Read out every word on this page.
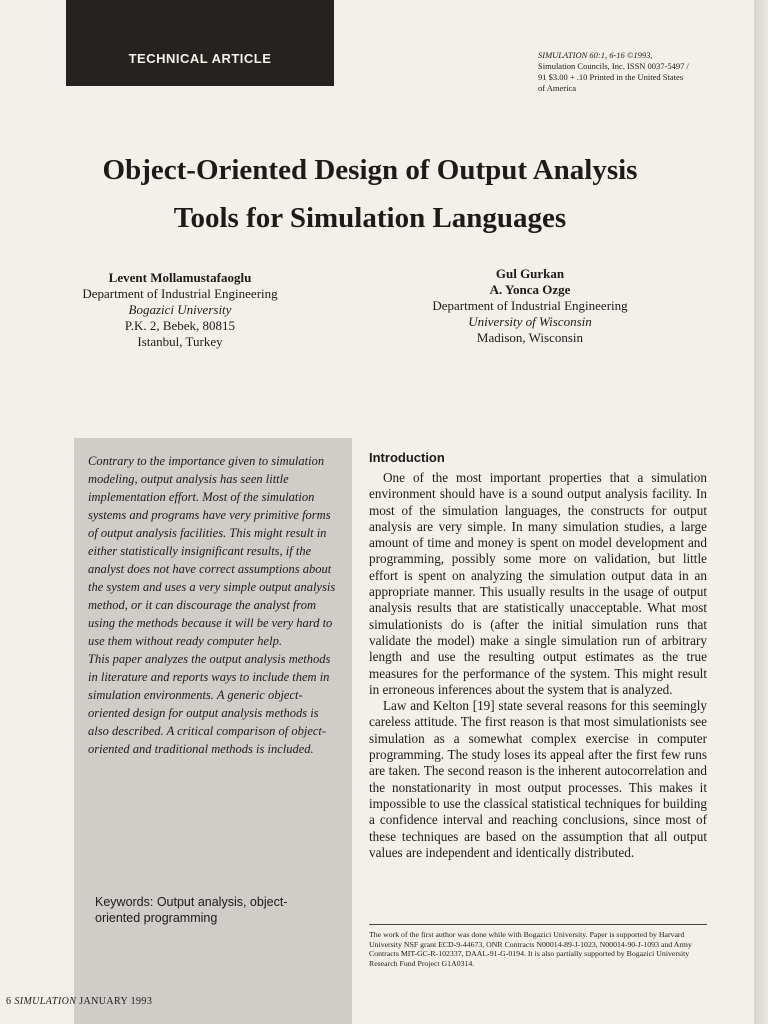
TECHNICAL ARTICLE	SIMULATION 60:1, 6-16 ©1993,
Simulation Councils, Inc. ISSN 0037-5497 /
91 $3.00 + .10 Printed in the United States
of America
Object-Oriented Design of Output Analysis
Tools for Simulation Languages
Levent Mollamustafaoglu
Department of Industrial Engineering
Bogazici University
P.K. 2, Bebek, 80815
Istanbul, Turkey
Gul Gurkan
A. Yonca Ozge
Department of Industrial Engineering
University of Wisconsin
Madison, Wisconsin

Contrary to the importance given to simulation modeling, output analysis has seen little implementation effort. Most of the simulation systems and programs have very primitive forms of output analysis facilities. This might result in either statistically insignificant results, if the analyst does not have correct assumptions about the system and uses a very simple output analysis method, or it can discourage the analyst from using the methods because it will be very hard to use them without ready computer help.

This paper analyzes the output analysis methods in literature and reports ways to include them in simulation environments. A generic object-oriented design for output analysis methods is also described. A critical comparison of object-oriented and traditional methods is included.

Keywords: Output analysis, object-oriented programming
Introduction

One of the most important properties that a simulation environment should have is a sound output analysis facility. In most of the simulation languages, the constructs for output analysis are very simple. In many simulation studies, a large amount of time and money is spent on model development and programming, possibly some more on validation, but little effort is spent on analyzing the simulation output data in an appropriate manner. This usually results in the usage of output analysis results that are statistically unacceptable. What most simulationists do is (after the initial simulation runs that validate the model) make a single simulation run of arbitrary length and use the resulting output estimates as the true measures for the performance of the system. This might result in erroneous inferences about the system that is analyzed.

Law and Kelton [19] state several reasons for this seemingly careless attitude. The first reason is that most simulationists see simulation as a somewhat complex exercise in computer programming. The study loses its appeal after the first few runs are taken. The second reason is the inherent autocorrelation and the nonstationarity in most output processes. This makes it impossible to use the classical statistical techniques for building a confidence interval and reaching conclusions, since most of these techniques are based on the assumption that all output values are independent and identically distributed.

The work of the first author was done while with Bogazici University. Paper is supported by Harvard University NSF grant ECD-9-44673, ONR Contracts N00014-89-J-1023, N00014-90-J-1093 and Army Contracts MIT-GC-R-102337, DAAL-91-G-0194. It is also partially supported by Bogazici University Research Fund Project G1A0314.
6 SIMULATION JANUARY 1993
